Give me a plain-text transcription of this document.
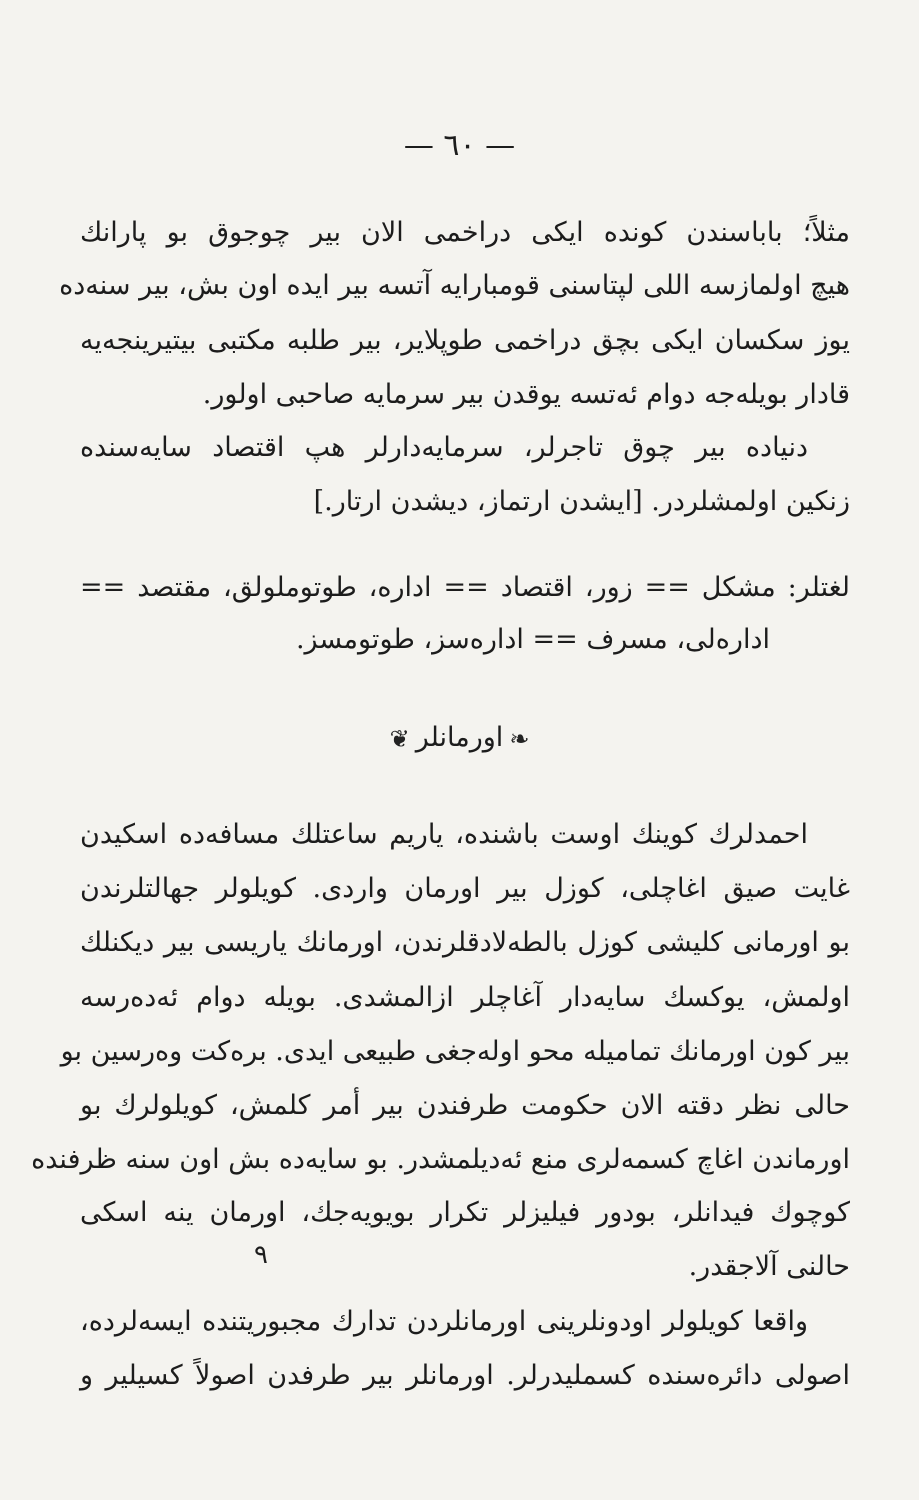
— ٦٠ —
مثلاً؛ بابا‌سندن کونده ایکی دراخمی الان بیر چوجوق بو پارانك
هیچ اولمازسه اللی لپتاسنی قومبارایه آتسه بیر ایده اون بش، بیر سنه‌ده
یوز سکسان ایکی بچق دراخمی طوپلایر، بیر طلبه مکتبی بیتیرینجه‌یه
قادار بویله‌جه دوام ئه‌تسه یوقدن بیر سرمایه صاحبی اولور.
دنیاده بیر چوق تاجرلر، سرمایه‌دارلر هپ اقتصاد سایه‌سنده
زنکین اولمشلردر. [ایشدن ارتماز، دیشدن ارتار.]
لغتلر: مشکل == زور، اقتصاد == اداره، طوتوملولق، مقتصد ==
اداره‌لی، مسرف == اداره‌سز، طوتومسز.
❧اورمانلر❦
احمدلرك کوینك اوست باشنده، یاریم ساعتلك مسافه‌ده اسکیدن
غایت صیق اغاچلی، کوزل بیر اورمان واردی. کویلولر جهالتلرندن
بو اورمانی کلیشی کوزل بالطه‌لادقلرندن، اورمانك یاریسی بیر دیکنلك
اولمش، یوکسك سایه‌دار آغاچلر ازالمشدی. بویله دوام ئه‌ده‌رسه
بیر کون اورمانك تمامیله محو اوله‌جغی طبیعی ایدی. بره‌کت وه‌رسین بو
حالی نظر دقته الان حکومت طرفندن بیر أمر کلمش، کویلولرك بو
اورماندن اغاچ کسمه‌لری منع ئه‌دیلمشدر. بو سایه‌ده بش اون سنه ظرفنده
کوچوك فیدانلر، بودور فیلیزلر تکرار بویویه‌جك، اورمان ینه اسکی
حالنی آلاجقدر.
٩
واقعا کویلولر اودونلرینی اورمانلردن تدارك مجبوریتنده ایسه‌لرده،
اصولی دائره‌سنده کسملیدرلر. اورمانلر بیر طرفدن اصولاً کسیلیر و
